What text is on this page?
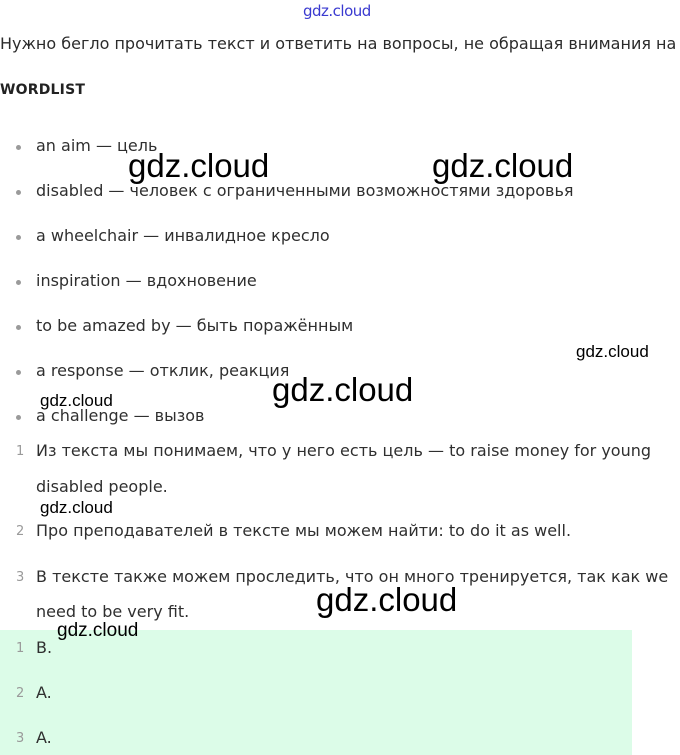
gdz.cloud
Нужно бегло прочитать текст и ответить на вопросы, не обращая внимания на
WORDLIST
an aim — цель
disabled — человек с ограниченными возможностями здоровья
a wheelchair — инвалидное кресло
inspiration — вдохновение
to be amazed by — быть поражённым
a response — отклик, реакция
a challenge — вызов
1 Из текста мы понимаем, что у него есть цель — to raise money for young
disabled people.
2 Про преподавателей в тексте мы можем найти: to do it as well.
3 В тексте также можем проследить, что он много тренируется, так как we
need to be very fit.
1 B.
2 A.
3 A.
gdz.cloud	gdz.cloud
gdz.cloud
gdz.cloud
gdz.cloud
gdz.cloud
gdz.cloud
gdz.cloud
